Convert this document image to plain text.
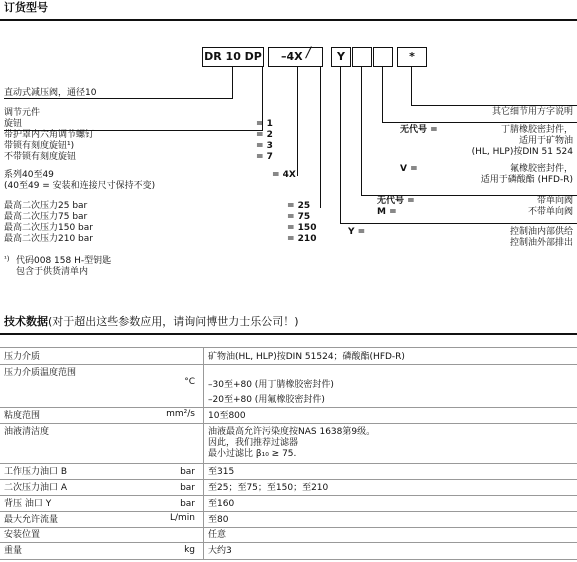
订货型号
DR 10 DP	–4X	Y	*
/
直动式减压阀，通径10
调节元件
旋钮	= 1
带护罩内六角调节螺钉	= 2
带锁有刻度旋钮¹)	= 3
不带锁有刻度旋钮	= 7
系列40至49	= 4X
(40至49 = 安装和连接尺寸保持不变)
最高二次压力25 bar	= 25
最高二次压力75 bar	= 75
最高二次压力150 bar	= 150
最高二次压力210 bar	= 210
Y =
¹) 代码008 158 H-型钥匙
包含于供货清单内
其它细节用方字说明
无代号 =	丁腈橡胶密封件，
适用于矿物油
(HL, HLP)按DIN 51 524
V =	氟橡胶密封件，
适用于磷酸酯 (HFD-R)
无代号 =	带单向阀
M =	不带单向阀
控制油内部供给
控制油外部排出
技术数据(对于超出这些参数应用，请询问博世力士乐公司！)
压力介质	矿物油(HL, HLP)按DIN 51524；磷酸酯(HFD-R)
压力介质温度范围
°C –30至+80 (用丁腈橡胶密封件)
–20至+80 (用氟橡胶密封件)
粘度范围	mm²/s 10至800
油液清洁度	油液最高允许污染度按NAS 1638第9级。
因此，我们推荐过滤器
最小过滤比 β₁₀ ≥ 75.
工作压力油口 B	bar 至315
二次压力油口 A	bar 至25；至75；至150；至210
背压 油口 Y	bar 至160
最大允许流量	L/min 至80
安装位置	任意
重量	kg 大约3
